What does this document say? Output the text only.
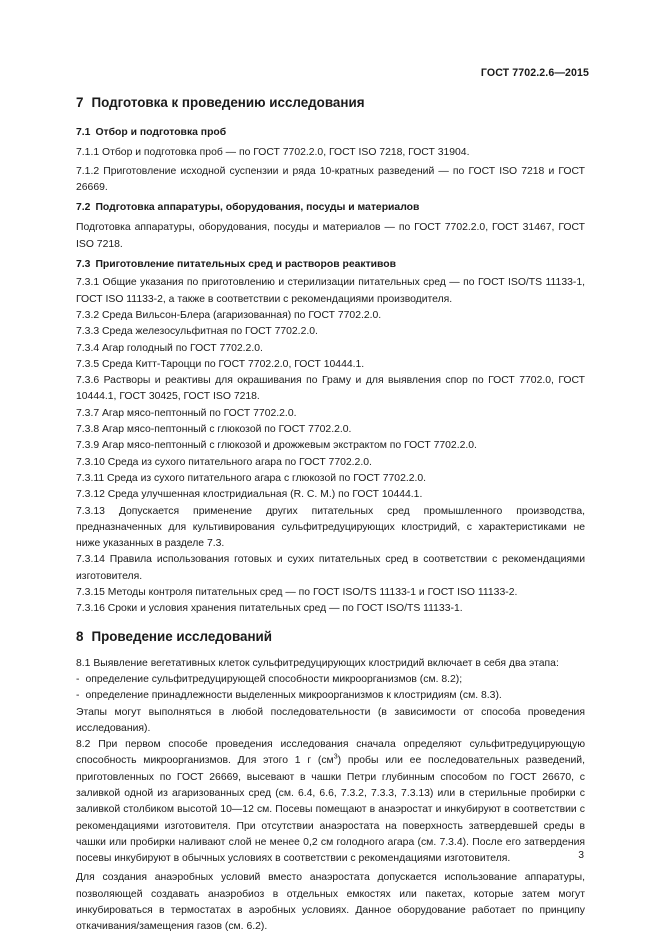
ГОСТ 7702.2.6—2015
7 Подготовка к проведению исследования
7.1 Отбор и подготовка проб

7.1.1 Отбор и подготовка проб — по ГОСТ 7702.2.0, ГОСТ ISO 7218, ГОСТ 31904.

7.1.2 Приготовление исходной суспензии и ряда 10-кратных разведений — по ГОСТ ISO 7218 и ГОСТ 26669.

7.2 Подготовка аппаратуры, оборудования, посуды и материалов

Подготовка аппаратуры, оборудования, посуды и материалов — по ГОСТ 7702.2.0, ГОСТ 31467, ГОСТ ISO 7218.

7.3 Приготовление питательных сред и растворов реактивов

7.3.1 Общие указания по приготовлению и стерилизации питательных сред — по ГОСТ ISO/TS 11133-1, ГОСТ ISO 11133-2, а также в соответствии с рекомендациями производителя.

7.3.2 Среда Вильсон-Блера (агаризованная) по ГОСТ 7702.2.0.

7.3.3 Среда железосульфитная по ГОСТ 7702.2.0.

7.3.4 Агар голодный по ГОСТ 7702.2.0.

7.3.5 Среда Китт-Тароцци по ГОСТ 7702.2.0, ГОСТ 10444.1.

7.3.6 Растворы и реактивы для окрашивания по Граму и для выявления спор по ГОСТ 7702.0, ГОСТ 10444.1, ГОСТ 30425, ГОСТ ISO 7218.

7.3.7 Агар мясо-пептонный по ГОСТ 7702.2.0.

7.3.8 Агар мясо-пептонный с глюкозой по ГОСТ 7702.2.0.

7.3.9 Агар мясо-пептонный с глюкозой и дрожжевым экстрактом по ГОСТ 7702.2.0.

7.3.10 Среда из сухого питательного агара по ГОСТ 7702.2.0.

7.3.11 Среда из сухого питательного агара с глюкозой по ГОСТ 7702.2.0.

7.3.12 Среда улучшенная клостридиальная (R. C. M.) по ГОСТ 10444.1.

7.3.13 Допускается применение других питательных сред промышленного производства, предназначенных для культивирования сульфитредуцирующих клостридий, с характеристиками не ниже указанных в разделе 7.3.

7.3.14 Правила использования готовых и сухих питательных сред в соответствии с рекомендациями изготовителя.

7.3.15 Методы контроля питательных сред — по ГОСТ ISO/TS 11133-1 и ГОСТ ISO 11133-2.

7.3.16 Сроки и условия хранения питательных сред — по ГОСТ ISO/TS 11133-1.

8 Проведение исследований

8.1 Выявление вегетативных клеток сульфитредуцирующих клостридий включает в себя два этапа:

- определение сульфитредуцирующей способности микроорганизмов (см. 8.2);

- определение принадлежности выделенных микроорганизмов к клостридиям (см. 8.3).

Этапы могут выполняться в любой последовательности (в зависимости от способа проведения исследования).

8.2 При первом способе проведения исследования сначала определяют сульфитредуцирующую способность микроорганизмов. Для этого 1 г $(см^3)$ пробы или ее последовательных разведений, приготовленных по ГОСТ 26669, высевают в чашки Петри глубинным способом по ГОСТ 26670, с заливкой одной из агаризованных сред (см. 6.4, 6.6, 7.3.2, 7.3.3, 7.3.13) или в стерильные пробирки с заливкой столбиком высотой 10—12 см. Посевы помещают в анаэростат и инкубируют в соответствии с рекомендациями изготовителя. При отсутствии анаэростата на поверхность затвердевшей среды в чашки или пробирки наливают слой не менее 0,2 см голодного агара (см. 7.3.4). После его затвердения посевы инкубируют в обычных условиях в соответствии с рекомендациями изготовителя.

Для создания анаэробных условий вместо анаэростата допускается использование аппаратуры, позволяющей создавать анаэробиоз в отдельных емкостях или пакетах, которые затем могут инкубироваться в термостатах в аэробных условиях. Данное оборудование работает по принципу откачивания/замещения газов (см. 6.2).

3
